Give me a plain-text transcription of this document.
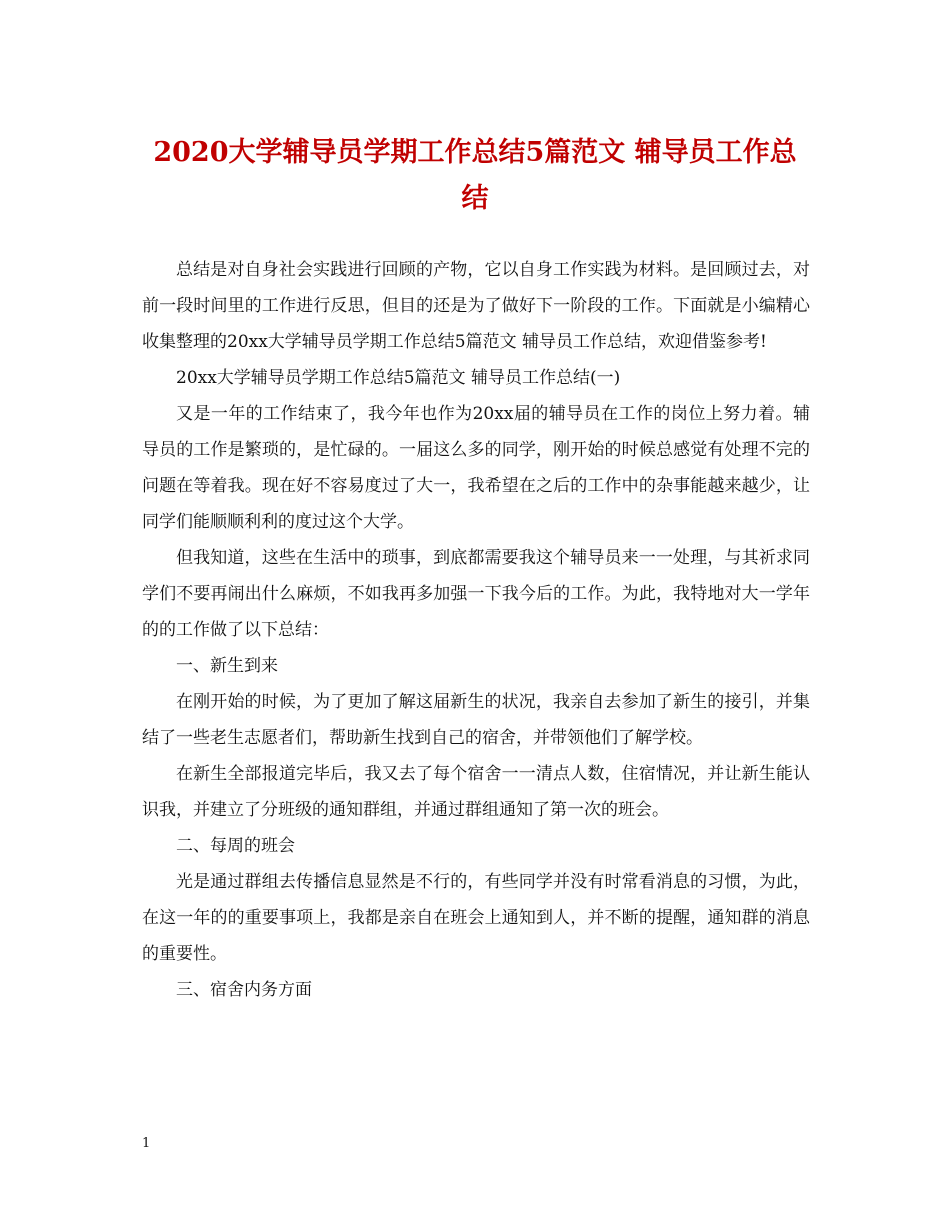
2020大学辅导员学期工作总结5篇范文 辅导员工作总结

总结是对自身社会实践进行回顾的产物，它以自身工作实践为材料。是回顾过去，对前一段时间里的工作进行反思，但目的还是为了做好下一阶段的工作。下面就是小编精心收集整理的20xx大学辅导员学期工作总结5篇范文 辅导员工作总结，欢迎借鉴参考!

20xx大学辅导员学期工作总结5篇范文 辅导员工作总结(一)

又是一年的工作结束了，我今年也作为20xx届的辅导员在工作的岗位上努力着。辅导员的工作是繁琐的，是忙碌的。一届这么多的同学，刚开始的时候总感觉有处理不完的问题在等着我。现在好不容易度过了大一，我希望在之后的工作中的杂事能越来越少，让同学们能顺顺利利的度过这个大学。

但我知道，这些在生活中的琐事，到底都需要我这个辅导员来一一处理，与其祈求同学们不要再闹出什么麻烦，不如我再多加强一下我今后的工作。为此，我特地对大一学年的的工作做了以下总结：

一、新生到来

在刚开始的时候，为了更加了解这届新生的状况，我亲自去参加了新生的接引，并集结了一些老生志愿者们，帮助新生找到自己的宿舍，并带领他们了解学校。

在新生全部报道完毕后，我又去了每个宿舍一一清点人数，住宿情况，并让新生能认识我，并建立了分班级的通知群组，并通过群组通知了第一次的班会。

二、每周的班会

光是通过群组去传播信息显然是不行的，有些同学并没有时常看消息的习惯，为此，在这一年的的重要事项上，我都是亲自在班会上通知到人，并不断的提醒，通知群的消息的重要性。

三、宿舍内务方面

1
